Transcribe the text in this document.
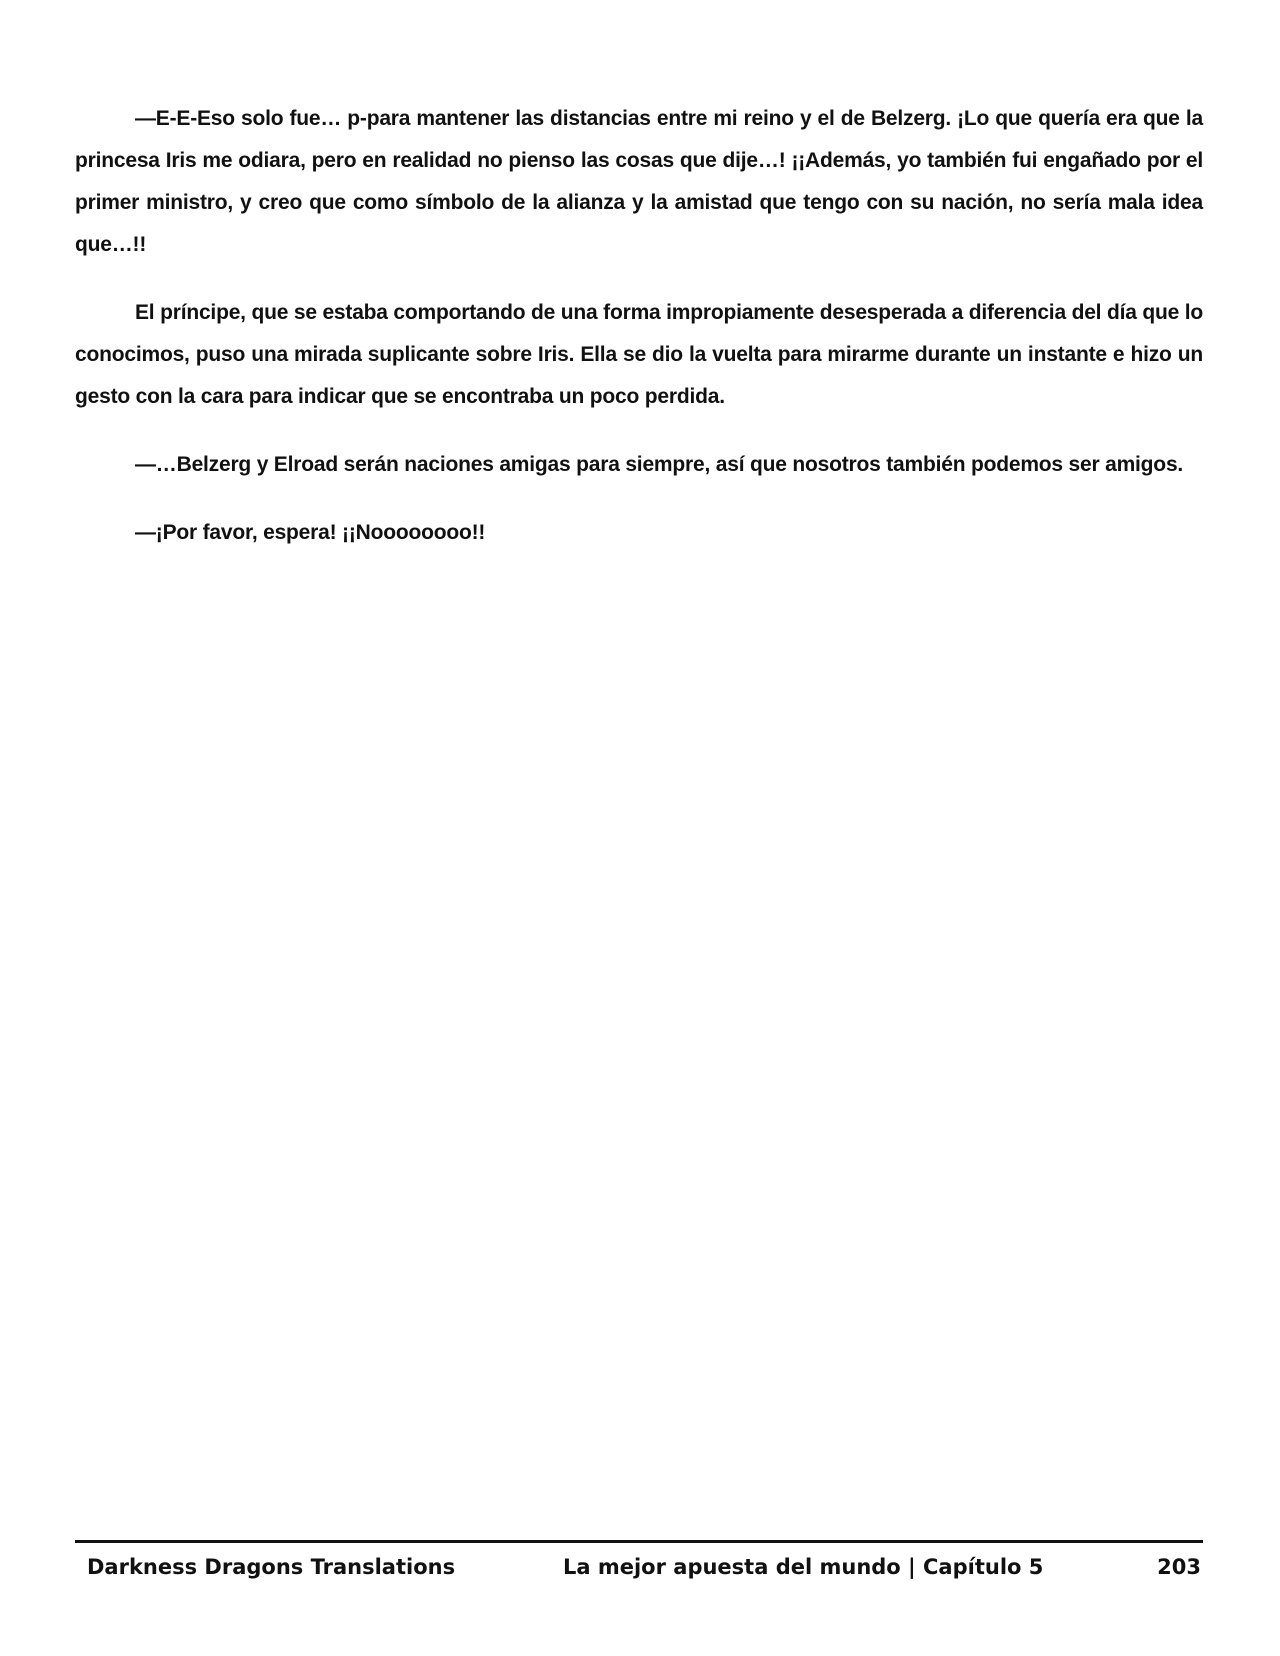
—E-E-Eso solo fue… p-para mantener las distancias entre mi reino y el de Belzerg. ¡Lo que quería era que la princesa Iris me odiara, pero en realidad no pienso las cosas que dije…! ¡¡Además, yo también fui engañado por el primer ministro, y creo que como símbolo de la alianza y la amistad que tengo con su nación, no sería mala idea que…!!

El príncipe, que se estaba comportando de una forma impropiamente desesperada a diferencia del día que lo conocimos, puso una mirada suplicante sobre Iris. Ella se dio la vuelta para mirarme durante un instante e hizo un gesto con la cara para indicar que se encontraba un poco perdida.

—…Belzerg y Elroad serán naciones amigas para siempre, así que nosotros también podemos ser amigos.

—¡Por favor, espera! ¡¡Noooooooo!!

Darkness Dragons Translations	La mejor apuesta del mundo | Capítulo 5	203
